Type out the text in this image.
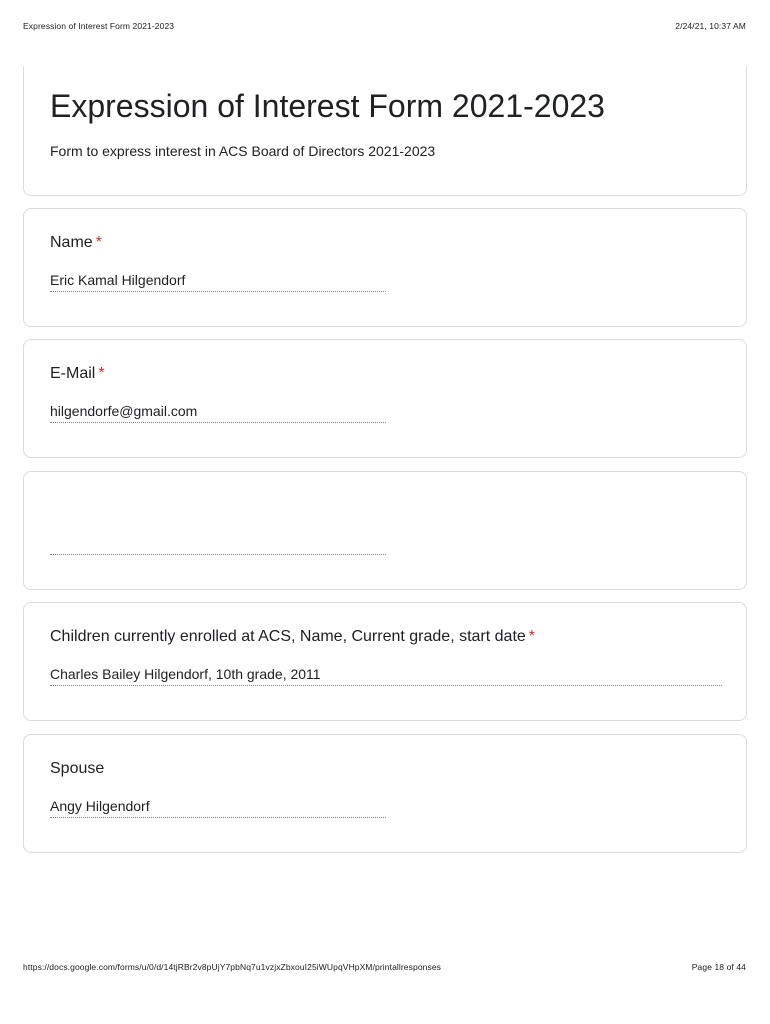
Expression of Interest Form 2021-2023	2/24/21, 10:37 AM
Expression of Interest Form 2021-2023
Form to express interest in ACS Board of Directors 2021-2023
Name *
Eric Kamal Hilgendorf
E-Mail *
hilgendorfe@gmail.com
Children currently enrolled at ACS, Name, Current grade, start date *
Charles Bailey Hilgendorf, 10th grade, 2011
Spouse
Angy Hilgendorf
https://docs.google.com/forms/u/0/d/14tjRBr2v8pUjY7pbNq7u1vzjxZbxouI25iWUpqVHpXM/printallresponses	Page 18 of 44
